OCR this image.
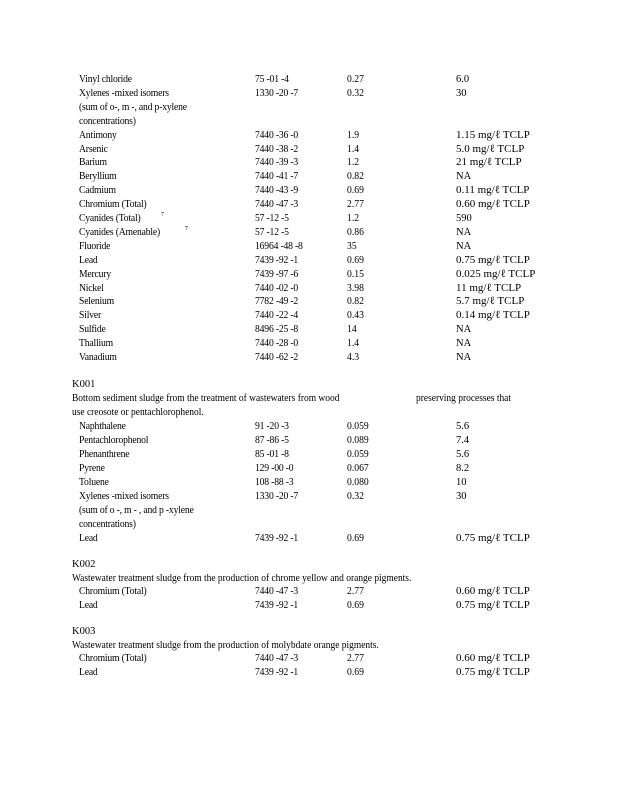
Vinyl chloride	75 -01 -4	0.27	6.0
Xylenes -mixed isomers	1330 -20 -7	0.32	30
(sum of o-, m -, and p-xylene
concentrations)
Antimony	7440 -36 -0	1.9	1.15 mg/ℓ TCLP
Arsenic	7440 -38 -2	1.4	5.0 mg/ℓ TCLP
Barium	7440 -39 -3	1.2	21 mg/ℓ TCLP
Beryllium	7440 -41 -7	0.82	NA
Cadmium	7440 -43 -9	0.69	0.11 mg/ℓ TCLP
Chromium (Total)	7440 -47 -3	2.77	0.60 mg/ℓ TCLP
Cyanides (Total)	7	57 -12 -5	1.2	590
Cyanides (Amenable)	7	57 -12 -5	0.86	NA
Fluoride	16964 -48 -8	35	NA
Lead	7439 -92 -1	0.69	0.75 mg/ℓ TCLP
Mercury	7439 -97 -6	0.15	0.025 mg/ℓ TCLP
Nickel	7440 -02 -0	3.98	11 mg/ℓ TCLP
Selenium	7782 -49 -2	0.82	5.7 mg/ℓ TCLP
Silver	7440 -22 -4	0.43	0.14 mg/ℓ TCLP
Sulfide	8496 -25 -8	14	NA
Thallium	7440 -28 -0	1.4	NA
Vanadium	7440 -62 -2	4.3	NA
K001
Bottom sediment sludge from the treatment of wastewaters from wood	preserving processes that
use creosote or pentachlorophenol.
Naphthalene	91 -20 -3	0.059	5.6
Pentachlorophenol	87 -86 -5	0.089	7.4
Phenanthrene	85 -01 -8	0.059	5.6
Pyrene	129 -00 -0	0.067	8.2
Toluene	108 -88 -3	0.080	10
Xylenes -mixed isomers	1330 -20 -7	0.32	30
(sum of o -, m - , and p -xylene
concentrations)
Lead	7439 -92 -1	0.69	0.75 mg/ℓ TCLP
K002
Wastewater treatment sludge from the production of chrome yellow and orange pigments.
Chromium (Total)	7440 -47 -3	2.77	0.60 mg/ℓ TCLP
Lead	7439 -92 -1	0.69	0.75 mg/ℓ TCLP
K003
Wastewater treatment sludge from the production of molybdate orange pigments.
Chromium (Total)	7440 -47 -3	2.77	0.60 mg/ℓ TCLP
Lead	7439 -92 -1	0.69	0.75 mg/ℓ TCLP
